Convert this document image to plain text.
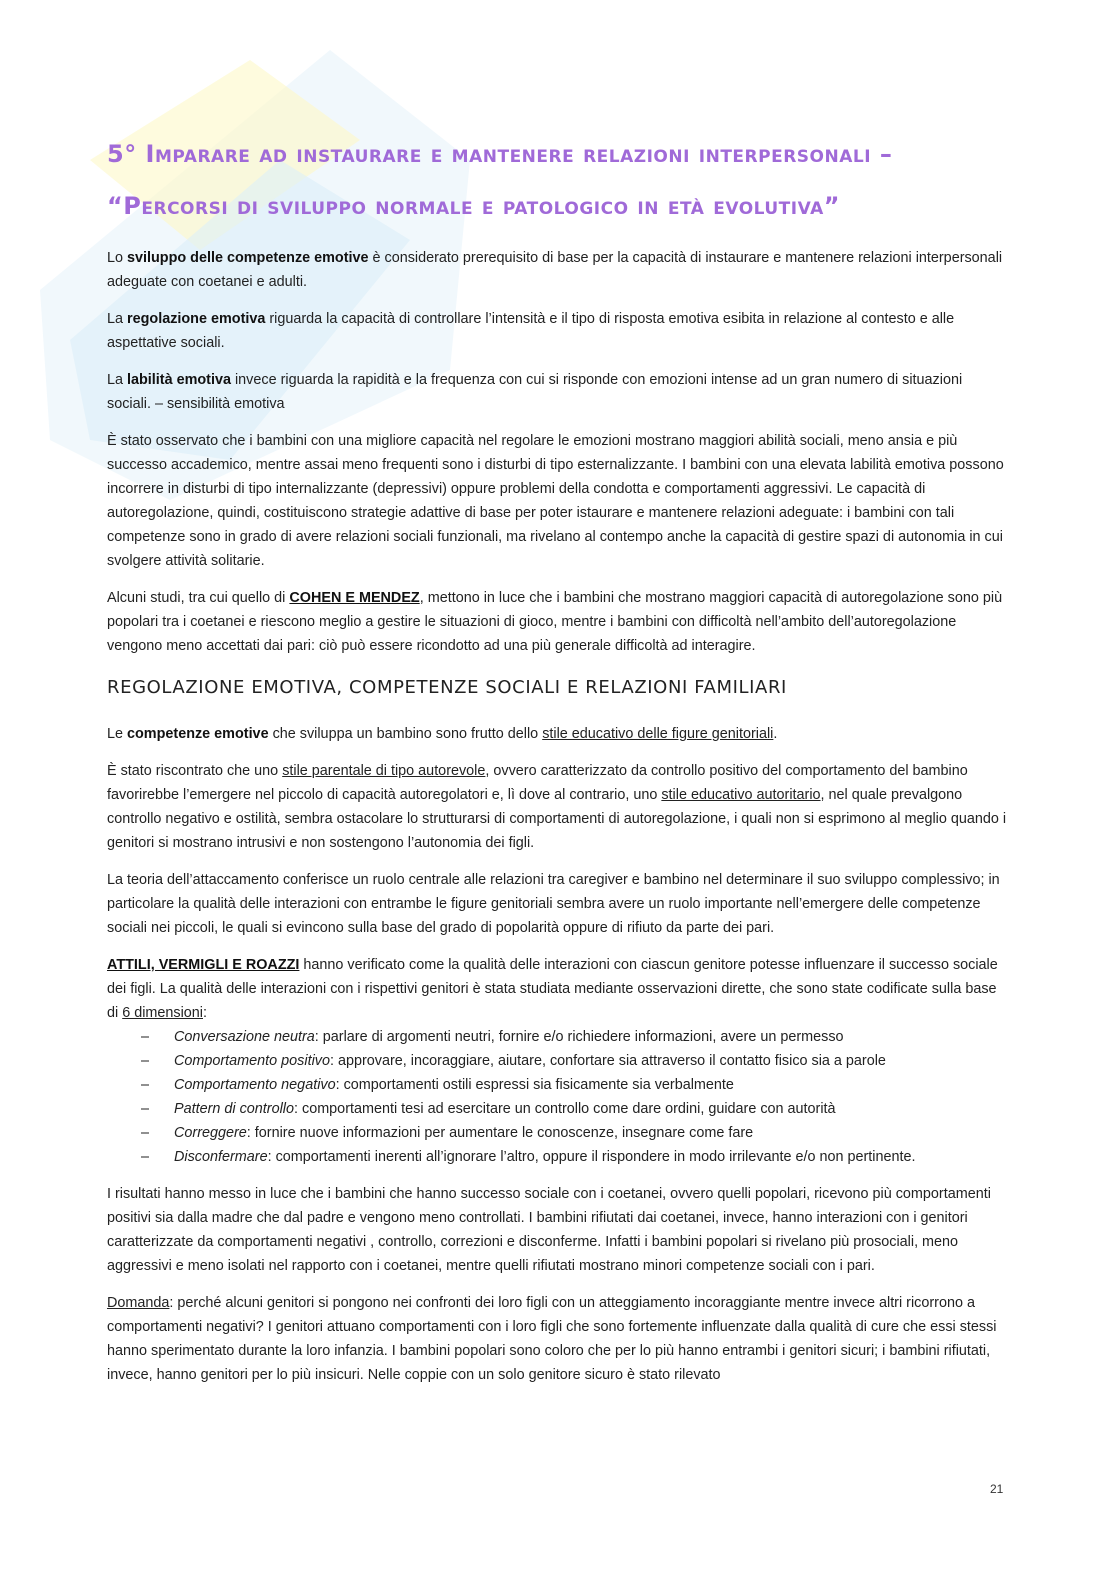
5° Imparare ad instaurare e mantenere relazioni interpersonali – “Percorsi di sviluppo normale e patologico in età evolutiva”

Lo sviluppo delle competenze emotive è considerato prerequisito di base per la capacità di instaurare e mantenere relazioni interpersonali adeguate con coetanei e adulti.

La regolazione emotiva riguarda la capacità di controllare l’intensità e il tipo di risposta emotiva esibita in relazione al contesto e alle aspettative sociali.

La labilità emotiva invece riguarda la rapidità e la frequenza con cui si risponde con emozioni intense ad un gran numero di situazioni sociali. – sensibilità emotiva

È stato osservato che i bambini con una migliore capacità nel regolare le emozioni mostrano maggiori abilità sociali, meno ansia e più successo accademico, mentre assai meno frequenti sono i disturbi di tipo esternalizzante. I bambini con una elevata labilità emotiva possono incorrere in disturbi di tipo internalizzante (depressivi) oppure problemi della condotta e comportamenti aggressivi. Le capacità di autoregolazione, quindi, costituiscono strategie adattive di base per poter istaurare e mantenere relazioni adeguate: i bambini con tali competenze sono in grado di avere relazioni sociali funzionali, ma rivelano al contempo anche la capacità di gestire spazi di autonomia in cui svolgere attività solitarie.

Alcuni studi, tra cui quello di COHEN E MENDEZ, mettono in luce che i bambini che mostrano maggiori capacità di autoregolazione sono più popolari tra i coetanei e riescono meglio a gestire le situazioni di gioco, mentre i bambini con difficoltà nell’ambito dell’autoregolazione vengono meno accettati dai pari: ciò può essere ricondotto ad una più generale difficoltà ad interagire.

REGOLAZIONE EMOTIVA, COMPETENZE SOCIALI E RELAZIONI FAMILIARI

Le competenze emotive che sviluppa un bambino sono frutto dello stile educativo delle figure genitoriali.

È stato riscontrato che uno stile parentale di tipo autorevole, ovvero caratterizzato da controllo positivo del comportamento del bambino favorirebbe l’emergere nel piccolo di capacità autoregolatori e, lì dove al contrario, uno stile educativo autoritario, nel quale prevalgono controllo negativo e ostilità, sembra ostacolare lo strutturarsi di comportamenti di autoregolazione, i quali non si esprimono al meglio quando i genitori si mostrano intrusivi e non sostengono l’autonomia dei figli.

La teoria dell’attaccamento conferisce un ruolo centrale alle relazioni tra caregiver e bambino nel determinare il suo sviluppo complessivo; in particolare la qualità delle interazioni con entrambe le figure genitoriali sembra avere un ruolo importante nell’emergere delle competenze sociali nei piccoli, le quali si evincono sulla base del grado di popolarità oppure di rifiuto da parte dei pari.

ATTILI, VERMIGLI E ROAZZI hanno verificato come la qualità delle interazioni con ciascun genitore potesse influenzare il successo sociale dei figli. La qualità delle interazioni con i rispettivi genitori è stata studiata mediante osservazioni dirette, che sono state codificate sulla base di 6 dimensioni:

– Conversazione neutra: parlare di argomenti neutri, fornire e/o richiedere informazioni, avere un permesso
– Comportamento positivo: approvare, incoraggiare, aiutare, confortare sia attraverso il contatto fisico sia a parole
– Comportamento negativo: comportamenti ostili espressi sia fisicamente sia verbalmente
– Pattern di controllo: comportamenti tesi ad esercitare un controllo come dare ordini, guidare con autorità
– Correggere: fornire nuove informazioni per aumentare le conoscenze, insegnare come fare
– Disconfermare: comportamenti inerenti all’ignorare l’altro, oppure il rispondere in modo irrilevante e/o non pertinente.

I risultati hanno messo in luce che i bambini che hanno successo sociale con i coetanei, ovvero quelli popolari, ricevono più comportamenti positivi sia dalla madre che dal padre e vengono meno controllati. I bambini rifiutati dai coetanei, invece, hanno interazioni con i genitori caratterizzate da comportamenti negativi , controllo, correzioni e disconferme. Infatti i bambini popolari si rivelano più prosociali, meno aggressivi e meno isolati nel rapporto con i coetanei, mentre quelli rifiutati mostrano minori competenze sociali con i pari.

Domanda: perché alcuni genitori si pongono nei confronti dei loro figli con un atteggiamento incoraggiante mentre invece altri ricorrono a comportamenti negativi? I genitori attuano comportamenti con i loro figli che sono fortemente influenzate dalla qualità di cure che essi stessi hanno sperimentato durante la loro infanzia. I bambini popolari sono coloro che per lo più hanno entrambi i genitori sicuri; i bambini rifiutati, invece, hanno genitori per lo più insicuri. Nelle coppie con un solo genitore sicuro è stato rilevato

21
